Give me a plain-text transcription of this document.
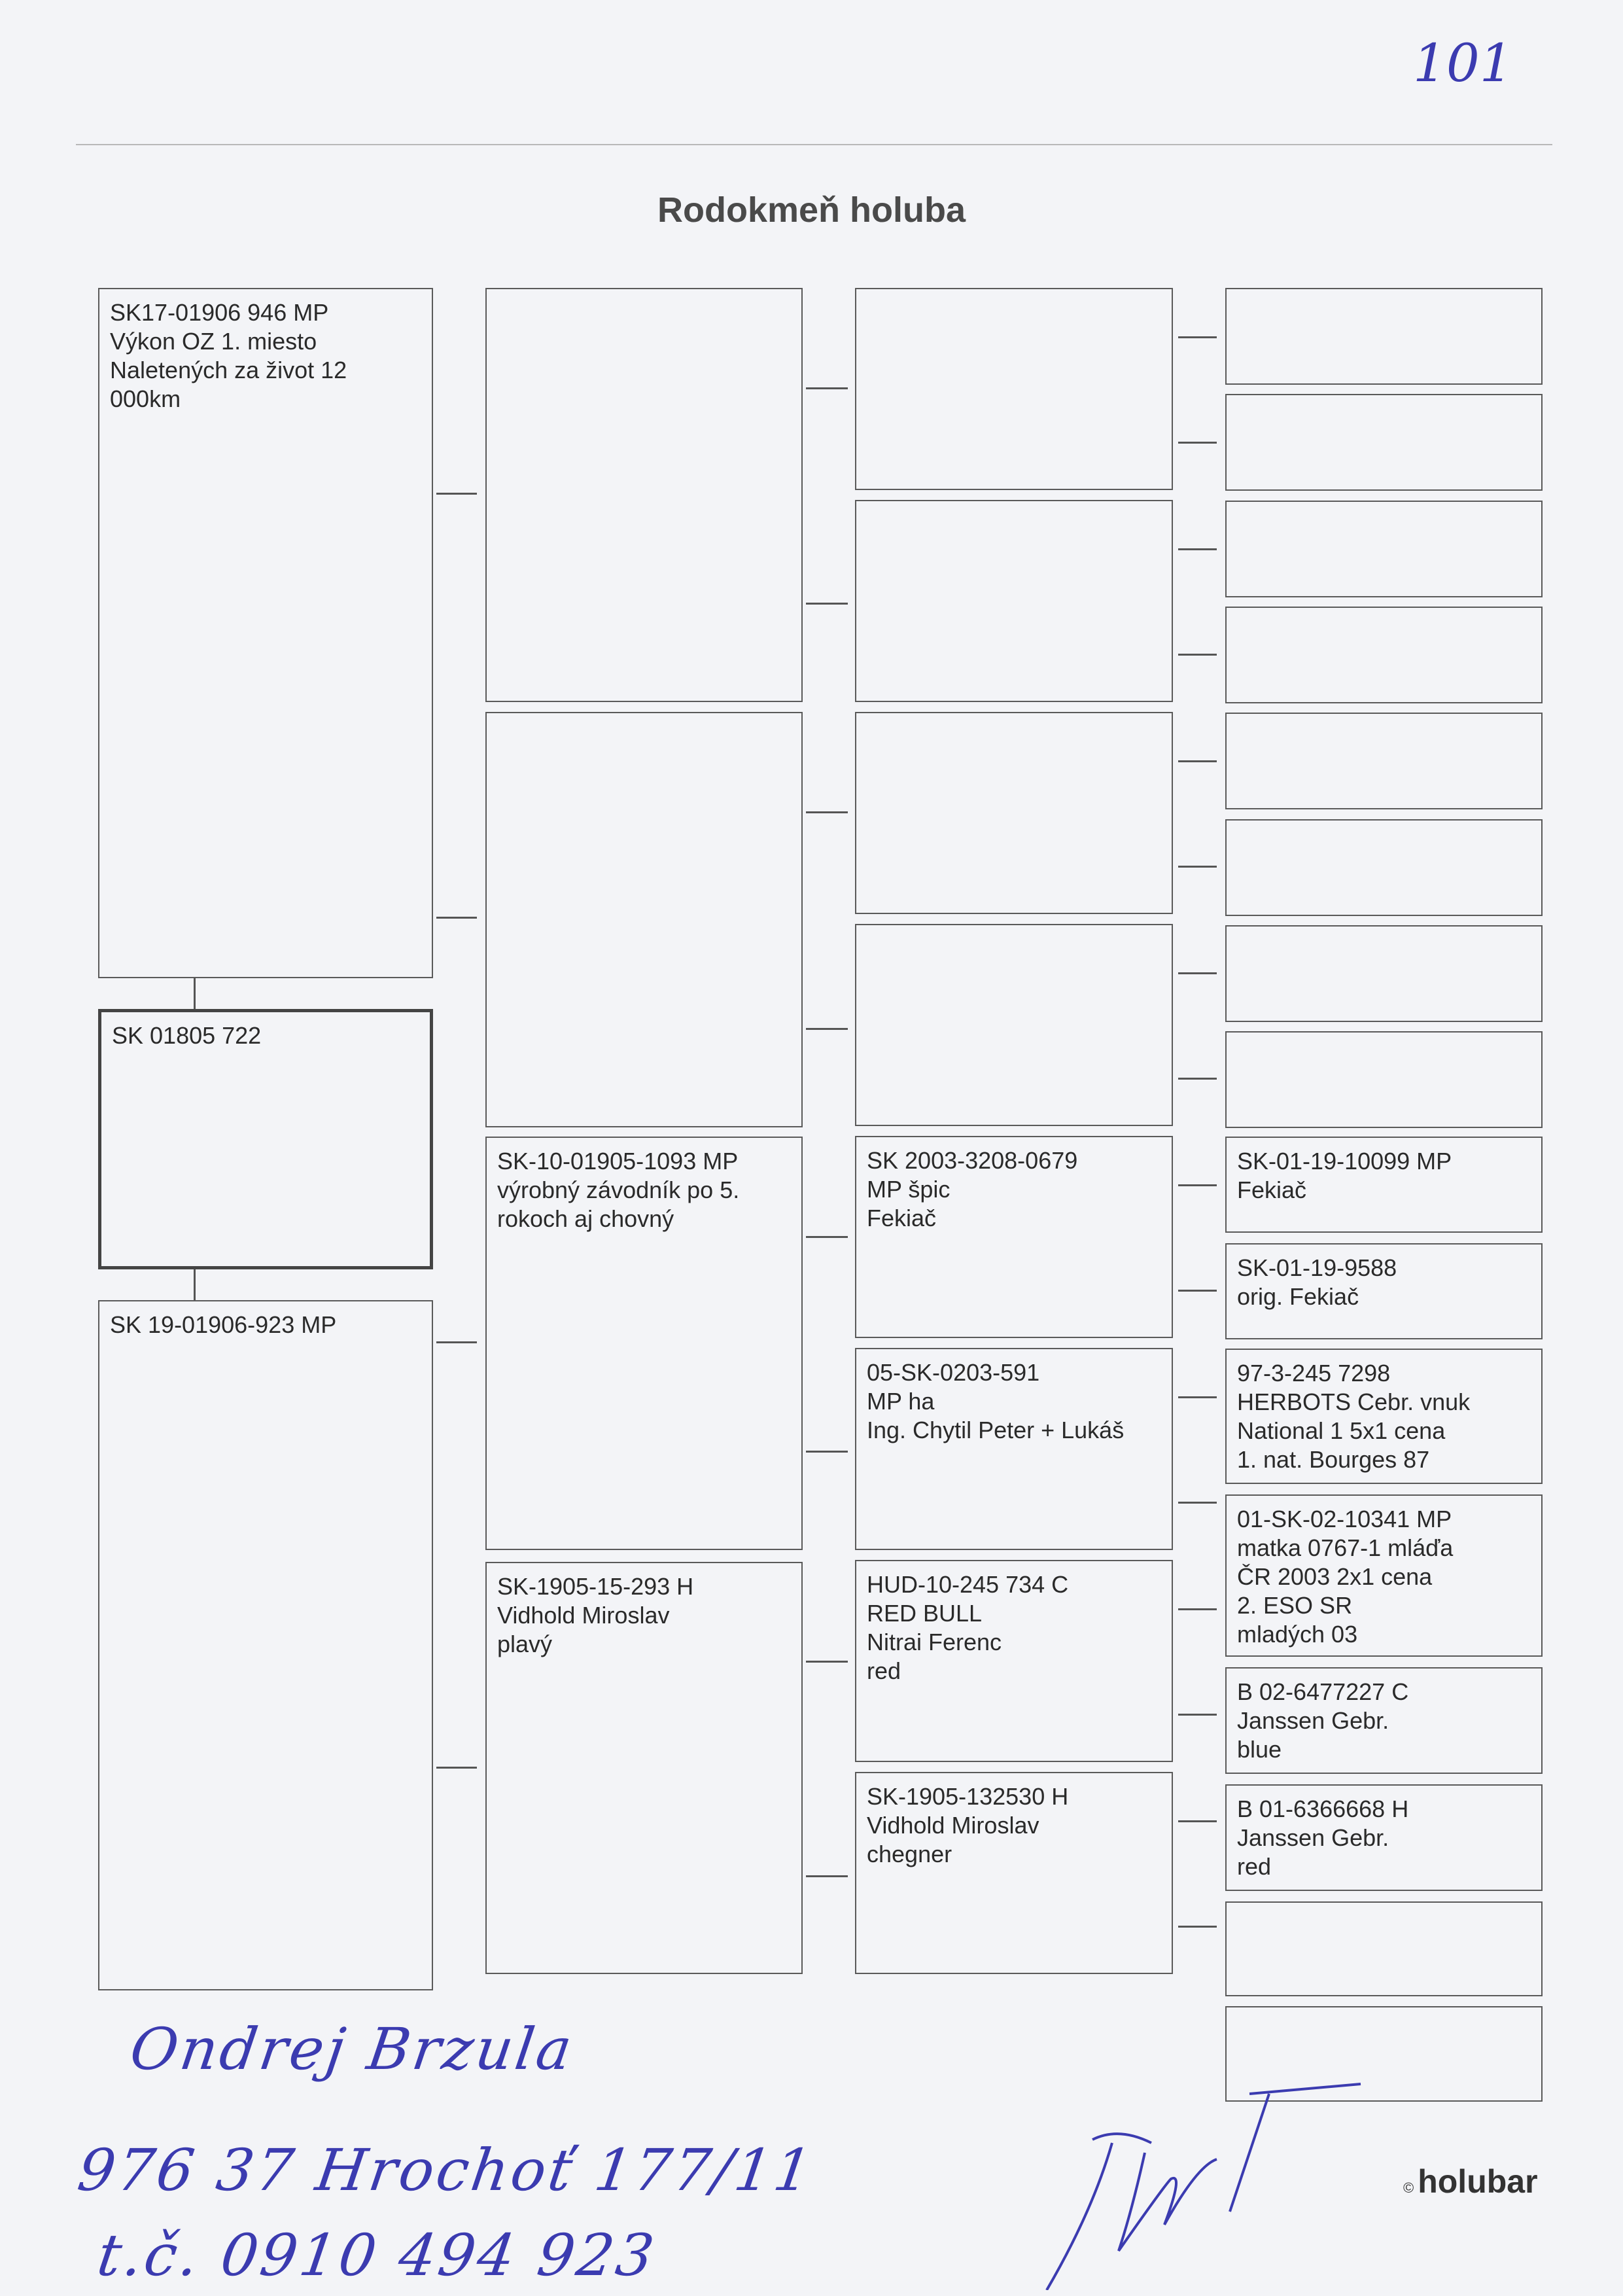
101
Rodokmeň holuba
SK17-01906 946 MP
Výkon OZ 1. miesto
Naletených za život 12
000km
SK 01805 722
SK 19-01906-923 MP
SK-10-01905-1093 MP
výrobný závodník po 5.
rokoch aj chovný
SK-1905-15-293 H
Vidhold Miroslav
plavý
SK 2003-3208-0679
MP špic
Fekiač
05-SK-0203-591
MP ha
Ing. Chytil Peter + Lukáš
HUD-10-245 734 C
RED BULL
Nitrai Ferenc
red
SK-1905-132530 H
Vidhold Miroslav
chegner
SK-01-19-10099 MP
Fekiač
SK-01-19-9588
orig. Fekiač
97-3-245 7298
HERBOTS Cebr. vnuk
National 1 5x1 cena
1. nat. Bourges 87
01-SK-02-10341 MP
matka 0767-1 mláďa
ČR 2003 2x1 cena
2. ESO SR
mladých 03
B 02-6477227 C
Janssen Gebr.
blue
B 01-6366668 H
Janssen Gebr.
red
Ondrej Brzula
976 37 Hrochoť 177/11
t.č. 0910 494 923
© holubar
